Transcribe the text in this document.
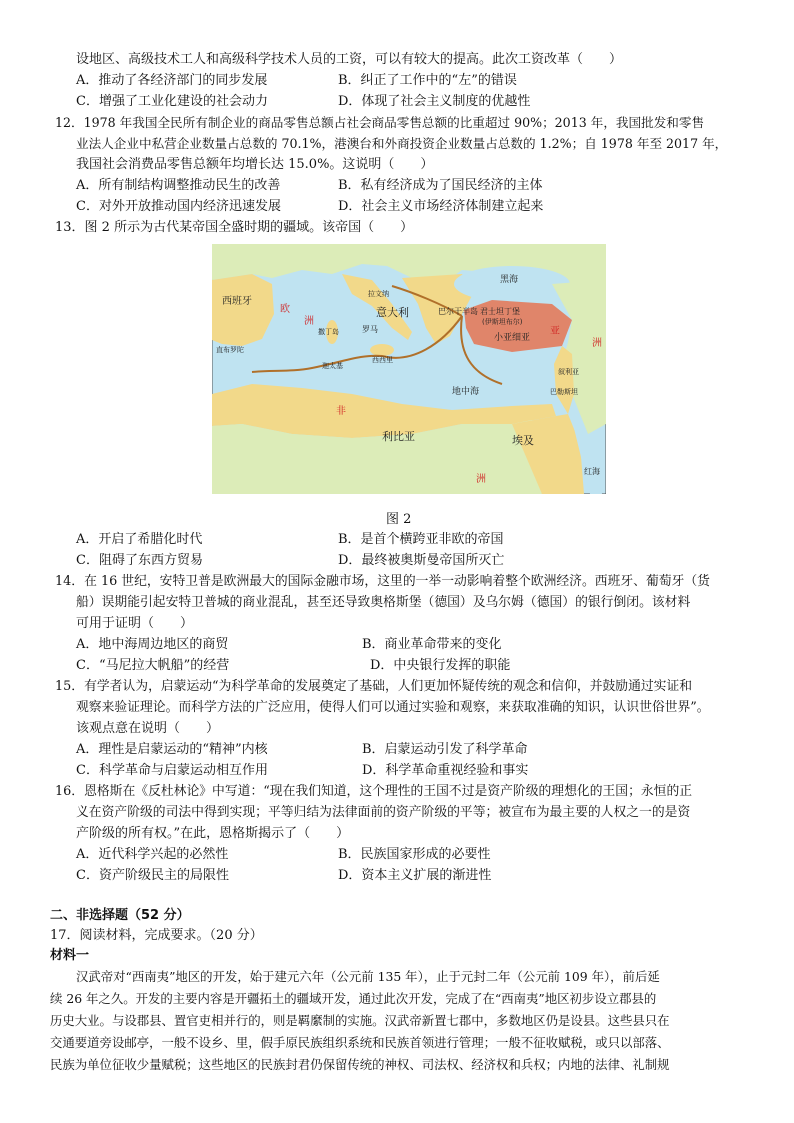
设地区、高级技术工人和高级科学技术人员的工资，可以有较大的提高。此次工资改革（　　）
A．推动了各经济部门的同步发展	B．纠正了工作中的“左”的错误
C．增强了工业化建设的社会动力	D．体现了社会主义制度的优越性
12．1978 年我国全民所有制企业的商品零售总额占社会商品零售总额的比重超过 90%；2013 年，我国批发和零售
业法人企业中私营企业数量占总数的 70.1%，港澳台和外商投资企业数量占总数的 1.2%；自 1978 年至 2017 年，
我国社会消费品零售总额年均增长达 15.0%。这说明（　　）
A．所有制结构调整推动民生的改善	B．私有经济成为了国民经济的主体
C．对外开放推动国内经济迅速发展	D．社会主义市场经济体制建立起来
13．图 2 所示为古代某帝国全盛时期的疆域。该帝国（　　）
西班牙
欧
洲
直布罗陀
拉文纳
意大利
罗马
巴尔干半岛 君士坦丁堡
(伊斯坦布尔)
黑海
亚
洲
小亚细亚
叙利亚
巴勒斯坦
撒丁岛
西西里
迦太基
地中海
非
洲
利比亚	埃及
红海
图 2
A．开启了希腊化时代	B．是首个横跨亚非欧的帝国
C．阻碍了东西方贸易	D．最终被奥斯曼帝国所灭亡
14．在 16 世纪，安特卫普是欧洲最大的国际金融市场，这里的一举一动影响着整个欧洲经济。西班牙、葡萄牙（货
船）误期能引起安特卫普城的商业混乱，甚至还导致奥格斯堡（德国）及乌尔姆（德国）的银行倒闭。该材料
可用于证明（　　）
A．地中海周边地区的商贸	B．商业革命带来的变化
C．“马尼拉大帆船”的经营	D．中央银行发挥的职能
15．有学者认为，启蒙运动“为科学革命的发展奠定了基础，人们更加怀疑传统的观念和信仰，并鼓励通过实证和
观察来验证理论。而科学方法的广泛应用，使得人们可以通过实验和观察，来获取准确的知识，认识世俗世界”。
该观点意在说明（　　）
A．理性是启蒙运动的“精神”内核	B．启蒙运动引发了科学革命
C．科学革命与启蒙运动相互作用	D．科学革命重视经验和事实
16．恩格斯在《反杜林论》中写道：“现在我们知道，这个理性的王国不过是资产阶级的理想化的王国；永恒的正
义在资产阶级的司法中得到实现；平等归结为法律面前的资产阶级的平等；被宣布为最主要的人权之一的是资
产阶级的所有权。”在此，恩格斯揭示了（　　）
A．近代科学兴起的必然性	B．民族国家形成的必要性
C．资产阶级民主的局限性	D．资本主义扩展的渐进性
二、非选择题（52 分）
17．阅读材料，完成要求。（20 分）
材料一
汉武帝对“西南夷”地区的开发，始于建元六年（公元前 135 年），止于元封二年（公元前 109 年），前后延
续 26 年之久。开发的主要内容是开疆拓土的疆域开发，通过此次开发，完成了在“西南夷”地区初步设立郡县的
历史大业。与设郡县、置官吏相并行的，则是羁縻制的实施。汉武帝新置七郡中，多数地区仍是设县。这些县只在
交通要道旁设邮亭，一般不设乡、里，假手原民族组织系统和民族首领进行管理；一般不征收赋税，或只以部落、
民族为单位征收少量赋税；这些地区的民族封君仍保留传统的神权、司法权、经济权和兵权；内地的法律、礼制规
